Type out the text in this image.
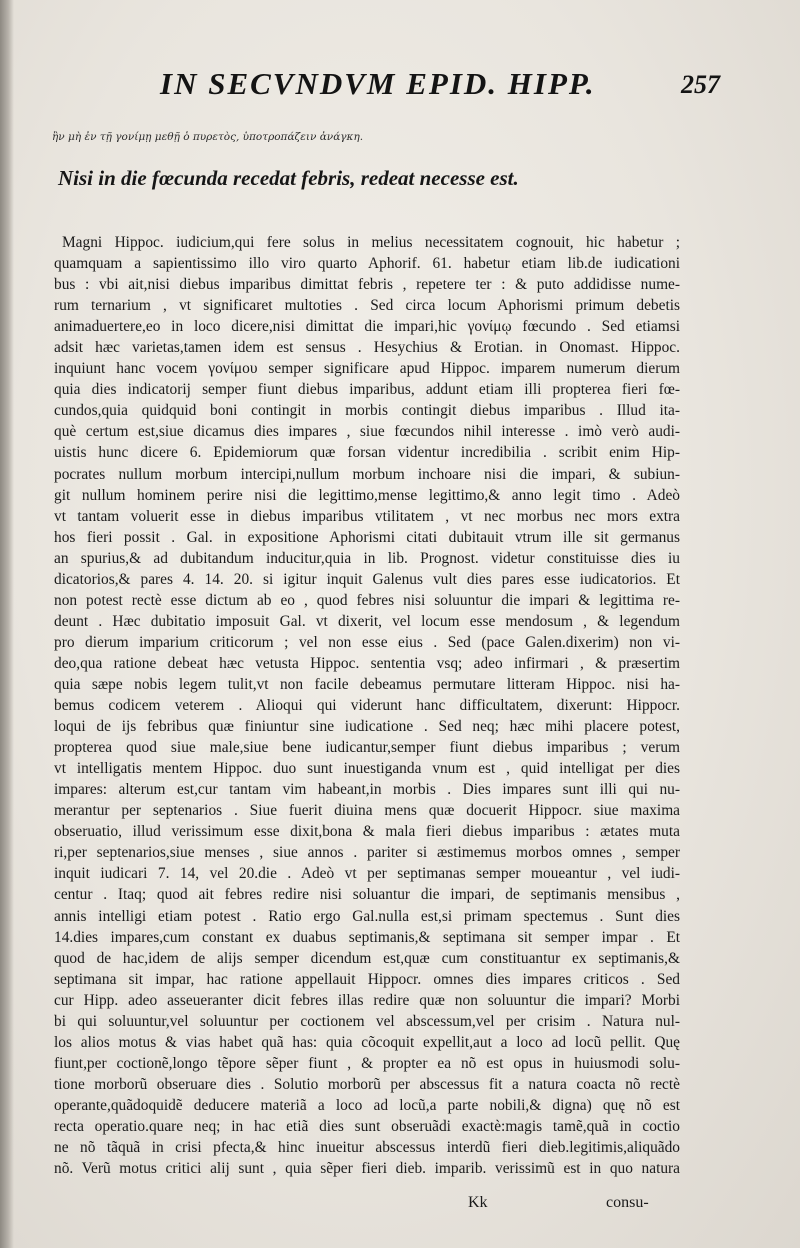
IN SECVNDVM EPID. HIPP.	257
ἢν μὴ ἐν τῇ γονίμῃ μεθῇ ὁ πυρετὸς, ὑποτροπάζειν ἀνάγκη.
Nisi in die fœcunda recedat febris, redeat necesse est.
Magni Hippoc. iudicium,qui fere solus in melius necessitatem cognouit, hic habetur ;
quamquam a sapientissimo illo viro quarto Aphorif. 61. habetur etiam lib.de iudicationi
bus : vbi ait,nisi diebus imparibus dimittat febris , repetere ter : & puto addidisse nume-
rum ternarium , vt significaret multoties . Sed circa locum Aphorismi primum debetis
animaduertere,eo in loco dicere,nisi dimittat die impari,hic γονίμῳ fœcundo . Sed etiamsi
adsit hæc varietas,tamen idem est sensus . Hesychius & Erotian. in Onomast. Hippoc.
inquiunt hanc vocem γονίμου semper significare apud Hippoc. imparem numerum dierum
quia dies indicatorij semper fiunt diebus imparibus, addunt etiam illi propterea fieri fœ-
cundos,quia quidquid boni contingit in morbis contingit diebus imparibus . Illud ita-
què certum est,siue dicamus dies impares , siue fœcundos nihil interesse . imò verò audi-
uistis hunc dicere 6. Epidemiorum quæ forsan videntur incredibilia . scribit enim Hip-
pocrates nullum morbum intercipi,nullum morbum inchoare nisi die impari, & subiun-
git nullum hominem perire nisi die legittimo,mense legittimo,& anno legit timo . Adeò
vt tantam voluerit esse in diebus imparibus vtilitatem , vt nec morbus nec mors extra
hos fieri possit . Gal. in expositione Aphorismi citati dubitauit vtrum ille sit germanus
an spurius,& ad dubitandum inducitur,quia in lib. Prognost. videtur constituisse dies iu
dicatorios,& pares 4. 14. 20. si igitur inquit Galenus vult dies pares esse iudicatorios. Et
non potest rectè esse dictum ab eo , quod febres nisi soluuntur die impari & legittima re-
deunt . Hæc dubitatio imposuit Gal. vt dixerit, vel locum esse mendosum , & legendum
pro dierum imparium criticorum ; vel non esse eius . Sed (pace Galen.dixerim) non vi-
deo,qua ratione debeat hæc vetusta Hippoc. sententia vsq; adeo infirmari , & præsertim
quia sæpe nobis legem tulit,vt non facile debeamus permutare litteram Hippoc. nisi ha-
bemus codicem veterem . Alioqui qui viderunt hanc difficultatem, dixerunt: Hippocr.
loqui de ijs febribus quæ finiuntur sine iudicatione . Sed neq; hæc mihi placere potest,
propterea quod siue male,siue bene iudicantur,semper fiunt diebus imparibus ; verum
vt intelligatis mentem Hippoc. duo sunt inuestiganda vnum est , quid intelligat per dies
impares: alterum est,cur tantam vim habeant,in morbis . Dies impares sunt illi qui nu-
merantur per septenarios . Siue fuerit diuina mens quæ docuerit Hippocr. siue maxima
obseruatio, illud verissimum esse dixit,bona & mala fieri diebus imparibus : ætates muta
ri,per septenarios,siue menses , siue annos . pariter si æstimemus morbos omnes , semper
inquit iudicari 7. 14, vel 20.die . Adeò vt per septimanas semper moueantur , vel iudi-
centur . Itaq; quod ait febres redire nisi soluantur die impari, de septimanis mensibus ,
annis intelligi etiam potest . Ratio ergo Gal.nulla est,si primam spectemus . Sunt dies
14.dies impares,cum constant ex duabus septimanis,& septimana sit semper impar . Et
quod de hac,idem de alijs semper dicendum est,quæ cum constituantur ex septimanis,&
septimana sit impar, hac ratione appellauit Hippocr. omnes dies impares criticos . Sed
cur Hipp. adeo asseueranter dicit febres illas redire quæ non soluuntur die impari? Morbi
bi qui soluuntur,vel soluuntur per coctionem vel abscessum,vel per crisim . Natura nul-
los alios motus & vias habet quã has: quia cõcoquit expellit,aut a loco ad locũ pellit. Quę
fiunt,per coctionẽ,longo tẽpore sẽper fiunt , & propter ea nõ est opus in huiusmodi solu-
tione morborũ obseruare dies . Solutio morborũ per abscessus fit a natura coacta nõ rectè
operante,quãdoquidẽ deducere materiã a loco ad locũ,a parte nobili,& digna) quę nõ est
recta operatio.quare neq; in hac etiã dies sunt obseruãdi exactè:magis tamẽ,quã in coctio
ne nõ tãquã in crisi pfecta,& hinc inueitur abscessus interdũ fieri dieb.legitimis,aliquãdo
nõ. Verũ motus critici alij sunt , quia sẽper fieri dieb. imparib. verissimũ est in quo natura
Kk	consu-
